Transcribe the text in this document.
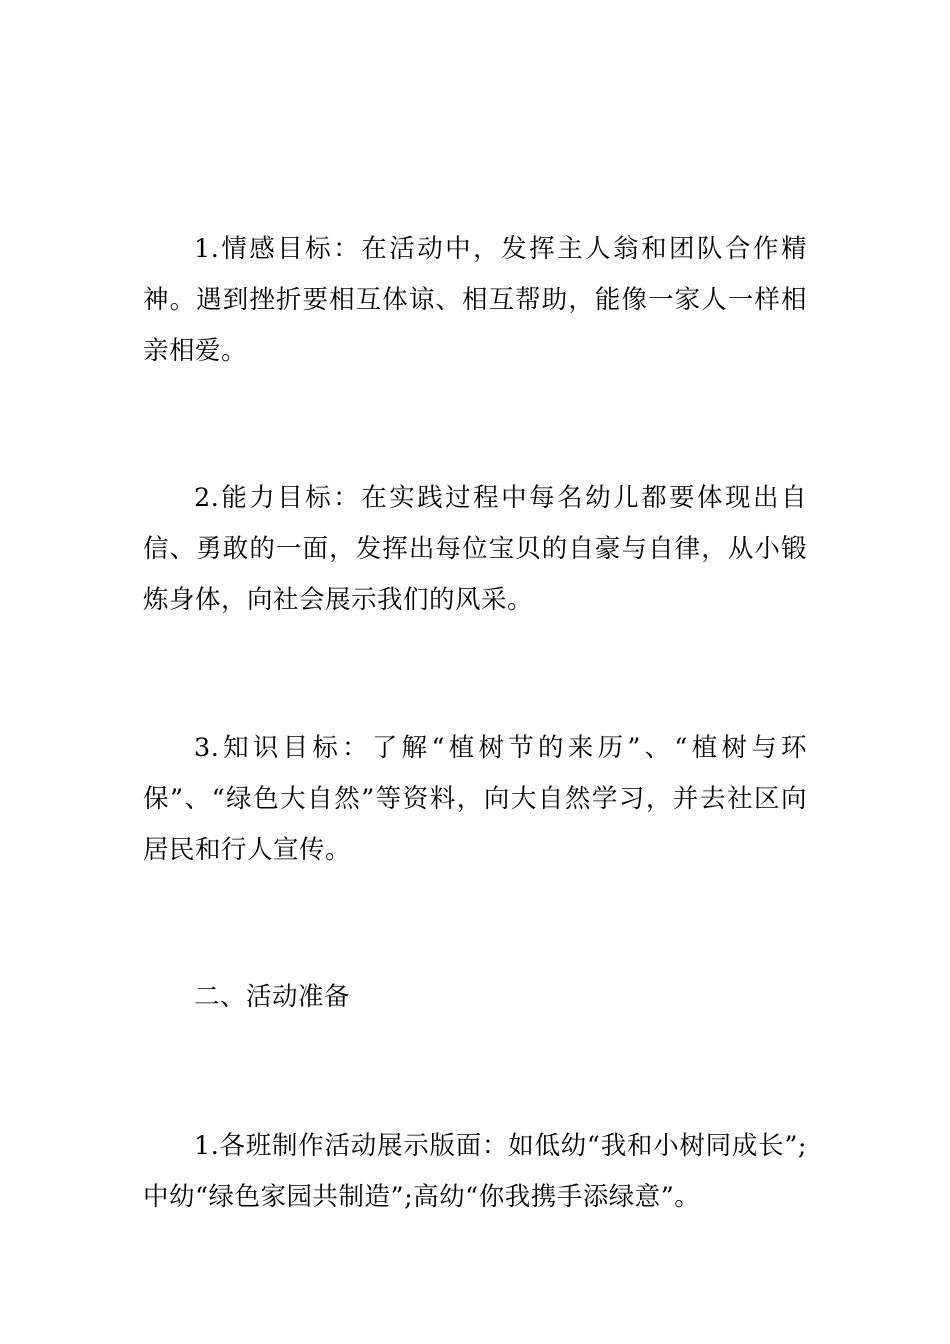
1.情感目标：在活动中，发挥主人翁和团队合作精神。遇到挫折要相互体谅、相互帮助，能像一家人一样相亲相爱。

2.能力目标：在实践过程中每名幼儿都要体现出自信、勇敢的一面，发挥出每位宝贝的自豪与自律，从小锻炼身体，向社会展示我们的风采。

3.知识目标：了解“植树节的来历”、“植树与环保”、“绿色大自然”等资料，向大自然学习，并去社区向居民和行人宣传。

二、活动准备

1.各班制作活动展示版面：如低幼“我和小树同成长”;中幼“绿色家园共制造”;高幼“你我携手添绿意”。
